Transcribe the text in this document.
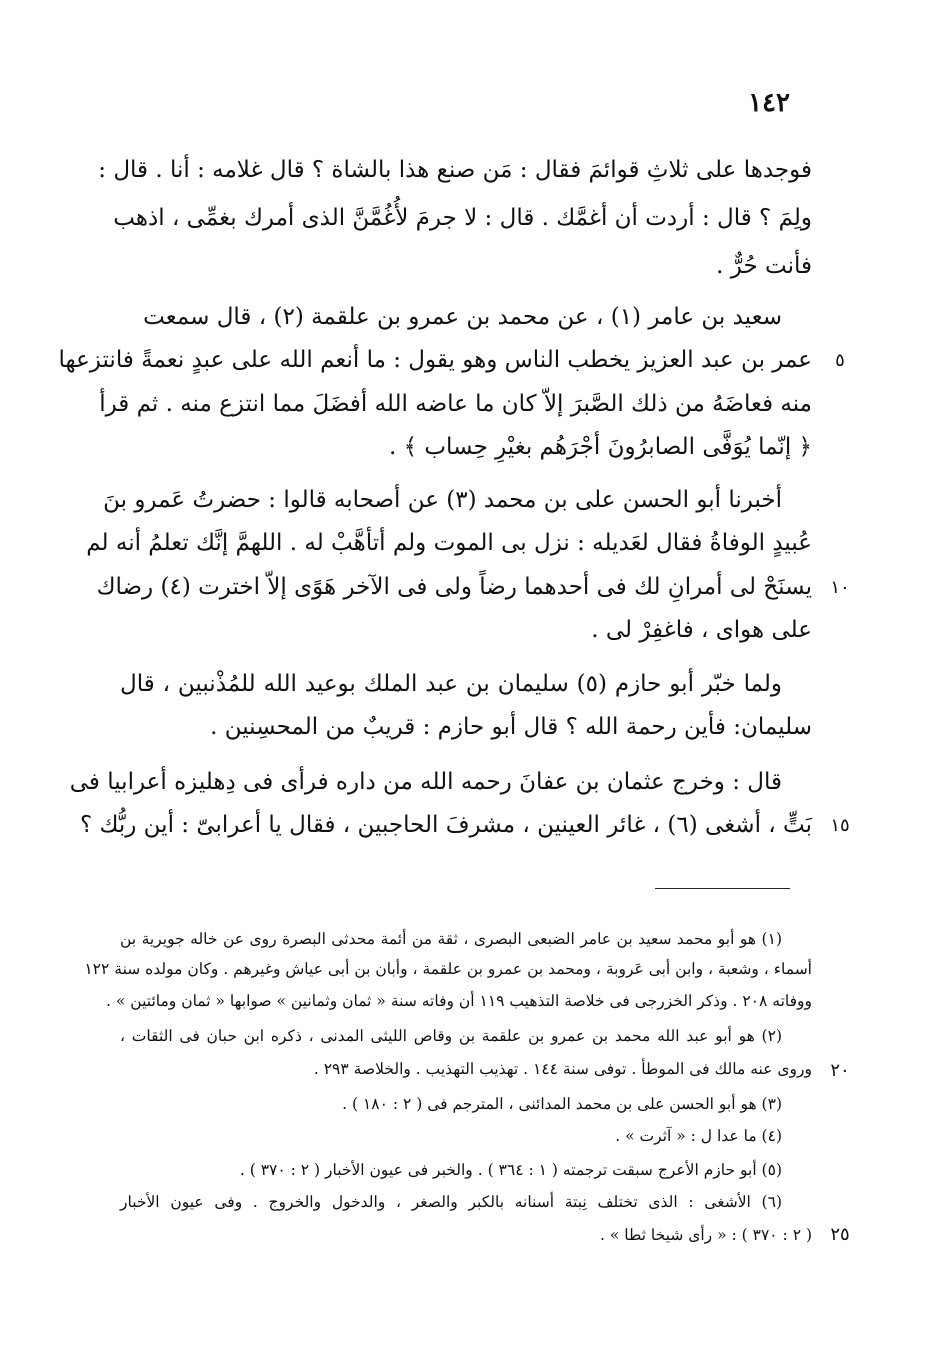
١٤٢
فوجدها على ثلاثِ قوائمَ فقال : مَن صنع هذا بالشاة ؟ قال غلامه : أنا . قال :
ولِمَ ؟ قال : أردت أن أغمَّك . قال : لا جرمَ لأُغُمَّنَّ الذى أمرك بغمِّى ، اذهب
فأنت حُرٌّ .
سعيد بن عامر (١) ، عن محمد بن عمرو بن علقمة (٢) ، قال سمعت
عمر بن عبد العزيز يخطب الناس وهو يقول : ما أنعم الله على عبدٍ نعمةً فانتزعها
منه فعاضَهُ من ذلك الصَّبرَ إلاّ كان ما عاضه الله أفضَلَ مما انتزع منه . ثم قرأ
﴿ إنّما يُوَفَّى الصابرُونَ أجْرَهُم بغيْرِ حِساب ﴾ .
أخبرنا أبو الحسن على بن محمد (٣) عن أصحابه قالوا : حضرتُ عَمرو بنَ
عُبيدٍ الوفاةُ فقال لعَديله : نزل بى الموت ولم أتأهَّبْ له . اللهمَّ إنَّك تعلمُ أنه لم
يسنَحْ لى أمرانِ لك فى أحدهما رضاً ولى فى الآخر هَوًى إلاّ اخترت (٤) رضاك
على هواى ، فاغفِرْ لى .
ولما خبّر أبو حازم (٥) سليمان بن عبد الملك بوعيد الله للمُذْنبين ، قال
سليمان: فأين رحمة الله ؟ قال أبو حازم : قريبٌ من المحسِنين .
قال : وخرج عثمان بن عفانَ رحمه الله من داره فرأى فى دِهليزه أعرابيا فى
بَتٍّ ، أشغى (٦) ، غائر العينين ، مشرفَ الحاجبين ، فقال يا أعرابىّ : أين ربُّك ؟
٥
١٠
١٥
٢٠
٢٥
(١) هو أبو محمد سعيد بن عامر الضبعى البصرى ، ثقة من أئمة محدثى البصرة روى عن خاله جويرية بن
أسماء ، وشعبة ، وابن أبى عَروبة ، ومحمد بن عمرو بن علقمة ، وأبان بن أبى عياش وغيرهم . وكان مولده سنة ١٢٢
ووفاته ٢٠٨ . وذكر الخزرجى فى خلاصة التذهيب ١١٩ أن وفاته سنة « ثمان وثمانين » صوابها « ثمان ومائتين » .
(٢) هو أبو عبد الله محمد بن عمرو بن علقمة بن وقاص الليثى المدنى ، ذكره ابن حبان فى الثقات ،
وروى عنه مالك فى الموطأ . توفى سنة ١٤٤ . تهذيب التهذيب . والخلاصة ٢٩٣ .
(٣) هو أبو الحسن على بن محمد المدائنى ، المترجم فى ( ٢ : ١٨٠ ) .
(٤) ما عدا ل : « آثرت » .
(٥) أبو حازم الأعرج سبقت ترجمته ( ١ : ٣٦٤ ) . والخبر فى عيون الأخبار ( ٢ : ٣٧٠ ) .
(٦) الأشغى : الذى تختلف نِبتة أسنانه بالكبر والصغر ، والدخول والخروج . وفى عيون الأخبار
( ٢ : ٣٧٠ ) : « رأى شيخا ثطا » .
